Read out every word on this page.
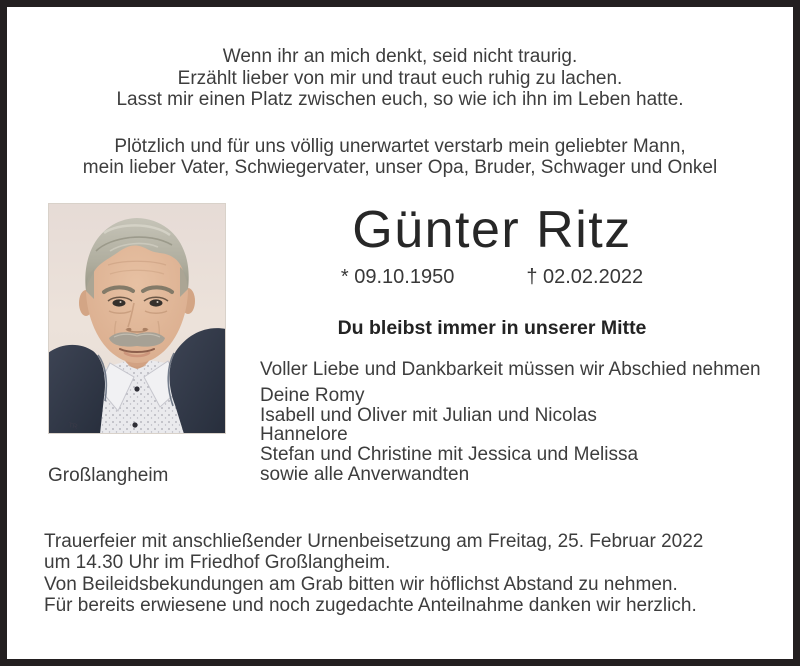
Wenn ihr an mich denkt, seid nicht traurig.
Erzählt lieber von mir und traut euch ruhig zu lachen.
Lasst mir einen Platz zwischen euch, so wie ich ihn im Leben hatte.
Plötzlich und für uns völlig unerwartet verstarb mein geliebter Mann,
mein lieber Vater, Schwiegervater, unser Opa, Bruder, Schwager und Onkel
TR
Günter Ritz
* 09.10.1950	† 02.02.2022
Du bleibst immer in unserer Mitte
Voller Liebe und Dankbarkeit müssen wir Abschied nehmen
Deine Romy
Isabell und Oliver mit Julian und Nicolas
Hannelore
Stefan und Christine mit Jessica und Melissa
sowie alle Anverwandten
Großlangheim
Trauerfeier mit anschließender Urnenbeisetzung am Freitag, 25. Februar 2022
um 14.30 Uhr im Friedhof Großlangheim.
Von Beileidsbekundungen am Grab bitten wir höflichst Abstand zu nehmen.
Für bereits erwiesene und noch zugedachte Anteilnahme danken wir herzlich.
